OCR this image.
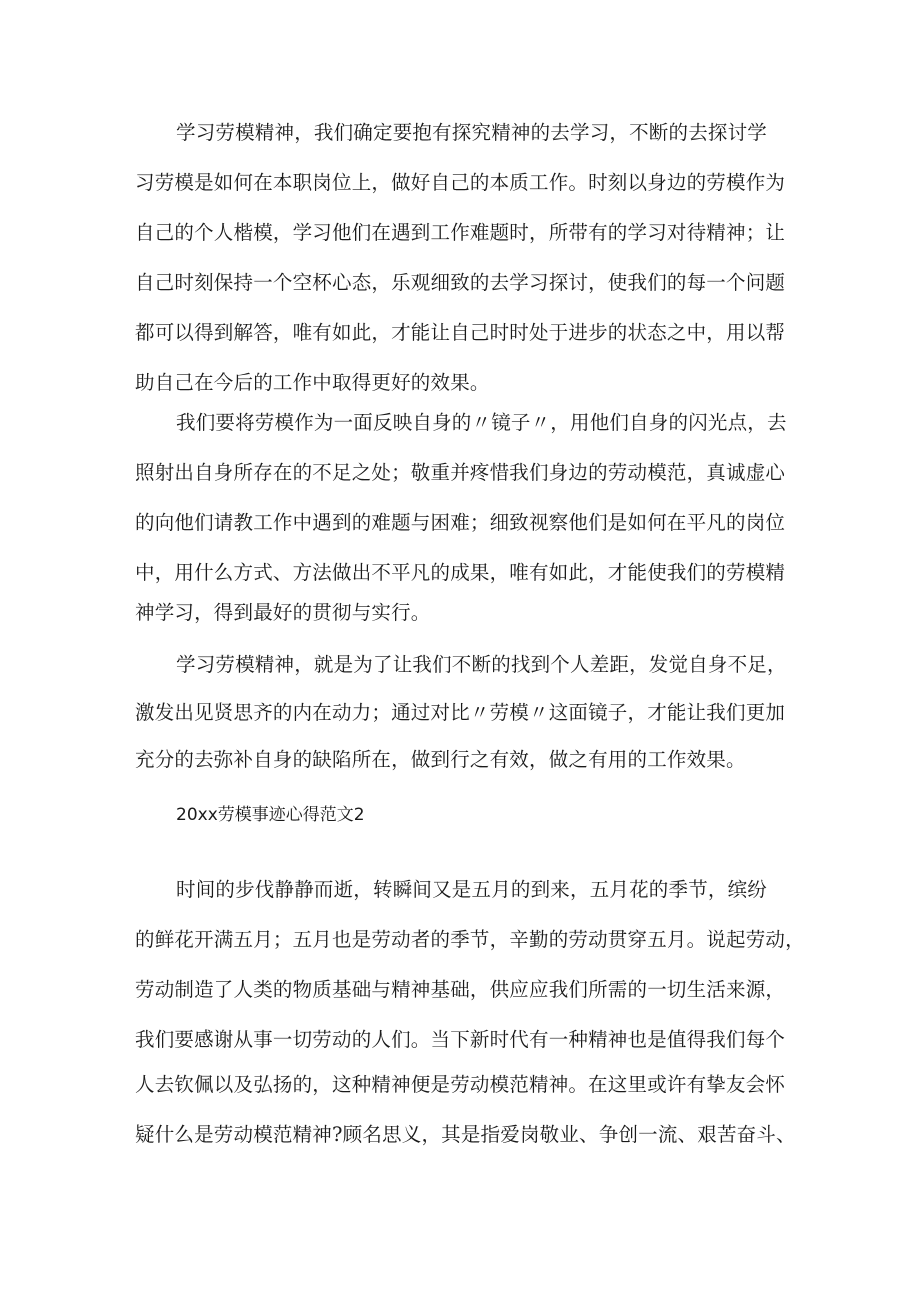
学习劳模精神，我们确定要抱有探究精神的去学习，不断的去探讨学

习劳模是如何在本职岗位上，做好自己的本质工作。时刻以身边的劳模作为

自己的个人楷模，学习他们在遇到工作难题时，所带有的学习对待精神；让

自己时刻保持一个空杯心态，乐观细致的去学习探讨，使我们的每一个问题

都可以得到解答，唯有如此，才能让自己时时处于进步的状态之中，用以帮

助自己在今后的工作中取得更好的效果。

我们要将劳模作为一面反映自身的〃镜子〃，用他们自身的闪光点，去

照射出自身所存在的不足之处；敬重并疼惜我们身边的劳动模范，真诚虚心

的向他们请教工作中遇到的难题与困难；细致视察他们是如何在平凡的岗位

中，用什么方式、方法做出不平凡的成果，唯有如此，才能使我们的劳模精

神学习，得到最好的贯彻与实行。

学习劳模精神，就是为了让我们不断的找到个人差距，发觉自身不足，

激发出见贤思齐的内在动力；通过对比〃劳模〃这面镜子，才能让我们更加

充分的去弥补自身的缺陷所在，做到行之有效，做之有用的工作效果。

20xx劳模事迹心得范文2

时间的步伐静静而逝，转瞬间又是五月的到来，五月花的季节，缤纷

的鲜花开满五月；五月也是劳动者的季节，辛勤的劳动贯穿五月。说起劳动，

劳动制造了人类的物质基础与精神基础，供应应我们所需的一切生活来源，

我们要感谢从事一切劳动的人们。当下新时代有一种精神也是值得我们每个

人去钦佩以及弘扬的，这种精神便是劳动模范精神。在这里或许有挚友会怀

疑什么是劳动模范精神?顾名思义，其是指爱岗敬业、争创一流、艰苦奋斗、
